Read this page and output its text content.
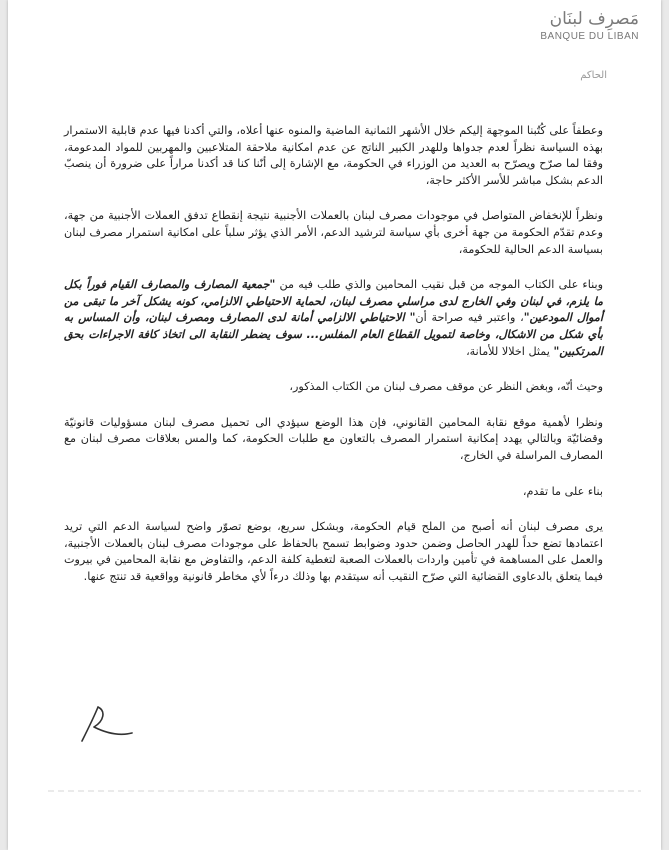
مَصرِف لبنَان
BANQUE DU LIBAN
الحاكم

وعطفاً على كُتُبنا الموجهة إليكم خلال الأشهر الثمانية الماضية والمنوه عنها أعلاه، والتي أكدنا فيها عدم قابلية الاستمرار بهذه السياسة نظراً لعدم جدواها وللهدر الكبير الناتج عن عدم امكانية ملاحقة المتلاعبين والمهربين للمواد المدعومة، وفقا لما صرّح ويصرّح به العديد من الوزراء في الحكومة، مع الإشارة إلى أنّنا كنا قد أكدنا مراراً على ضرورة أن ينصبّ الدعم بشكل مباشر للأسر الأكثر حاجة،

ونظراً للإنخفاض المتواصل في موجودات مصرف لبنان بالعملات الأجنبية نتيجة إنقطاع تدفق العملات الأجنبية من جهة، وعدم تقدّم الحكومة من جهة أخرى بأي سياسة لترشيد الدعم، الأمر الذي يؤثر سلباً على امكانية استمرار مصرف لبنان بسياسة الدعم الحالية للحكومة،

وبناء على الكتاب الموجه من قبل نقيب المحامين والذي طلب فيه من "جمعية المصارف والمصارف القيام فوراً بكل ما يلزم، في لبنان وفي الخارج لدى مراسلي مصرف لبنان، لحماية الاحتياطي الالزامي، كونه يشكل آخر ما تبقى من أموال المودعين"، واعتبر فيه صراحة أن" الاحتياطي الالزامي أمانة لدى المصارف ومصرف لبنان، وأن المساس به بأي شكل من الاشكال، وخاصة لتمويل القطاع العام المفلس... سوف يضطر النقابة الى اتخاذ كافة الاجراءات بحق المرتكبين" يمثل اخلالا للأمانة،

وحيث أنّه، وبغض النظر عن موقف مصرف لبنان من الكتاب المذكور،

ونظرا لأهمية موقع نقابة المحامين القانوني، فإن هذا الوضع سيؤدي الى تحميل مصرف لبنان مسؤوليات قانونيّة وقضائيّة وبالتالي يهدد إمكانية استمرار المصرف بالتعاون مع طلبات الحكومة، كما والمس بعلاقات مصرف لبنان مع المصارف المراسلة في الخارج،

بناء على ما تقدم،

يرى مصرف لبنان أنه أصبح من الملح قيام الحكومة، وبشكل سريع، بوضع تصوّر واضح لسياسة الدعم التي تريد اعتمادها تضع حداً للهدر الحاصل وضمن حدود وضوابط تسمح بالحفاظ على موجودات مصرف لبنان بالعملات الأجنبية، والعمل على المساهمة في تأمين واردات بالعملات الصعبة لتغطية كلفة الدعم، والتفاوض مع نقابة المحامين في بيروت فيما يتعلق بالدعاوى القضائية التي صرّح النقيب أنه سيتقدم بها وذلك درءاً لأي مخاطر قانونية وواقعية قد تنتج عنها.
